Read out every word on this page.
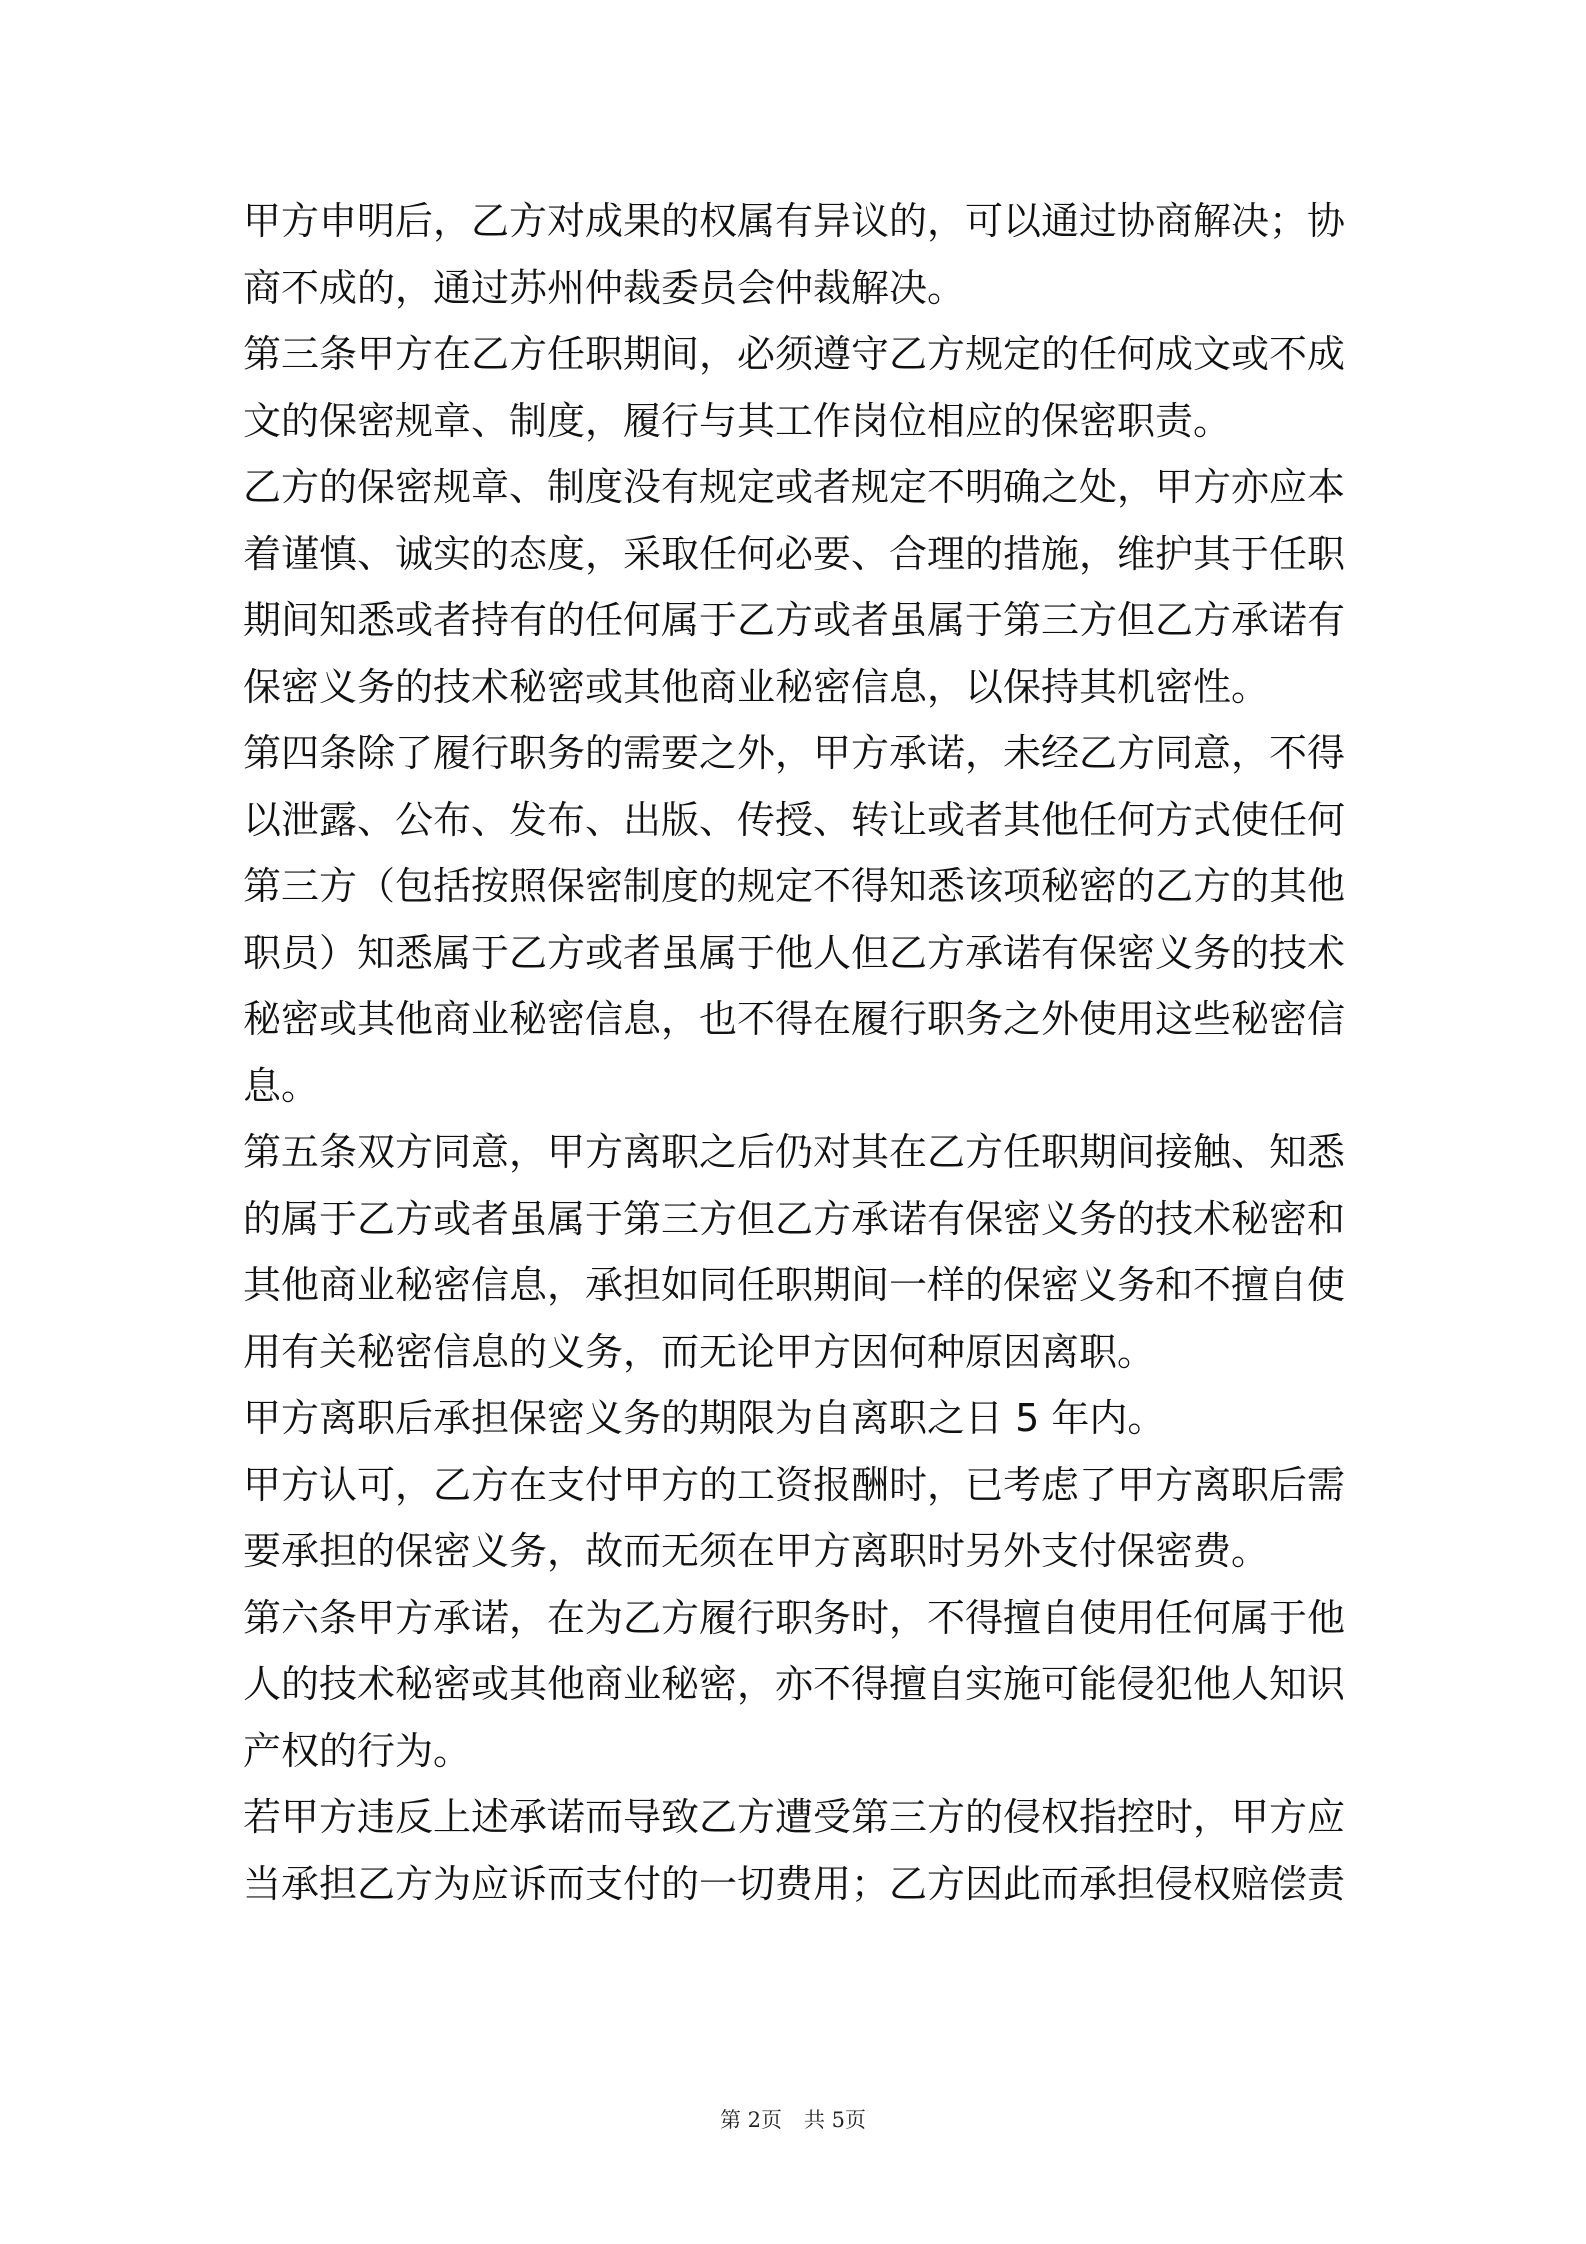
甲方申明后，乙方对成果的权属有异议的，可以通过协商解决；协
商不成的，通过苏州仲裁委员会仲裁解决。
第三条甲方在乙方任职期间，必须遵守乙方规定的任何成文或不成
文的保密规章、制度，履行与其工作岗位相应的保密职责。
乙方的保密规章、制度没有规定或者规定不明确之处，甲方亦应本
着谨慎、诚实的态度，采取任何必要、合理的措施，维护其于任职
期间知悉或者持有的任何属于乙方或者虽属于第三方但乙方承诺有
保密义务的技术秘密或其他商业秘密信息，以保持其机密性。
第四条除了履行职务的需要之外，甲方承诺，未经乙方同意，不得
以泄露、公布、发布、出版、传授、转让或者其他任何方式使任何
第三方（包括按照保密制度的规定不得知悉该项秘密的乙方的其他
职员）知悉属于乙方或者虽属于他人但乙方承诺有保密义务的技术
秘密或其他商业秘密信息，也不得在履行职务之外使用这些秘密信
息。
第五条双方同意，甲方离职之后仍对其在乙方任职期间接触、知悉
的属于乙方或者虽属于第三方但乙方承诺有保密义务的技术秘密和
其他商业秘密信息，承担如同任职期间一样的保密义务和不擅自使
用有关秘密信息的义务，而无论甲方因何种原因离职。
甲方离职后承担保密义务的期限为自离职之日 5 年内。
甲方认可，乙方在支付甲方的工资报酬时，已考虑了甲方离职后需
要承担的保密义务，故而无须在甲方离职时另外支付保密费。
第六条甲方承诺，在为乙方履行职务时，不得擅自使用任何属于他
人的技术秘密或其他商业秘密，亦不得擅自实施可能侵犯他人知识
产权的行为。
若甲方违反上述承诺而导致乙方遭受第三方的侵权指控时，甲方应
当承担乙方为应诉而支付的一切费用；乙方因此而承担侵权赔偿责
第 2页 共 5页
